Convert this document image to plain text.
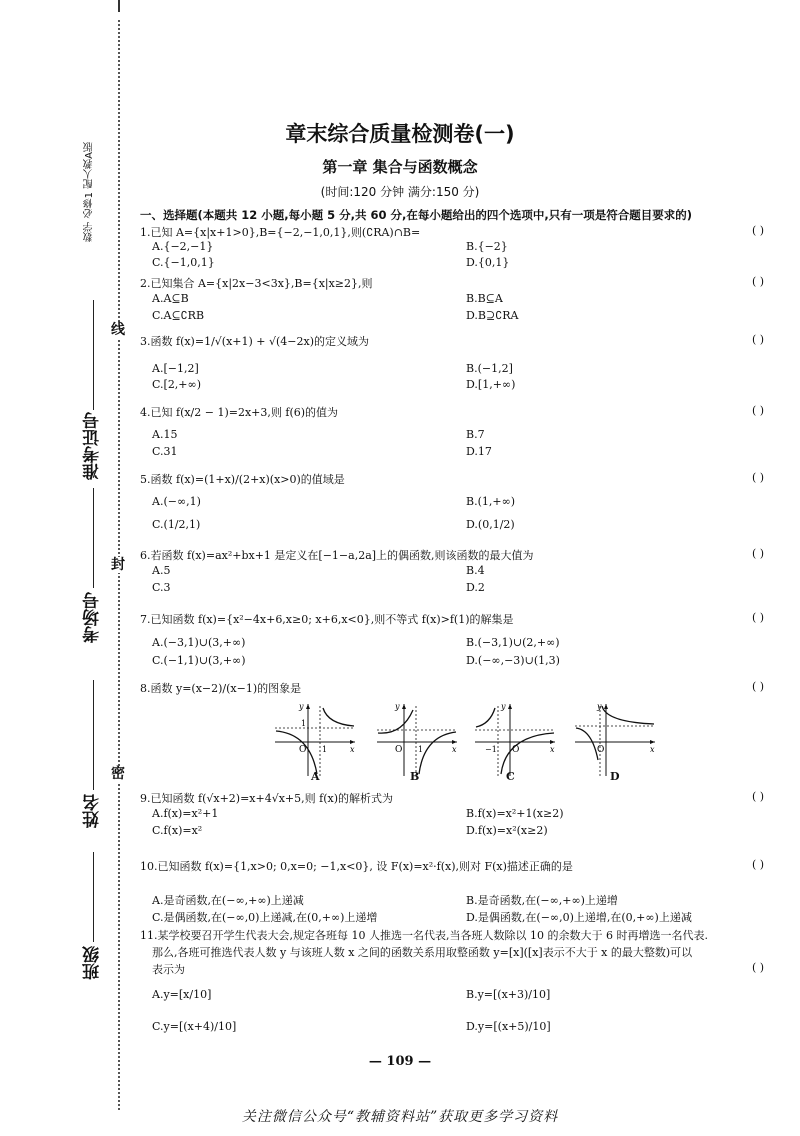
数学 必修1 配人教A版
准考证号
考场号
姓名
班级
线
封
密
章末综合质量检测卷(一)
第一章 集合与函数概念
(时间:120 分钟 满分:150 分)
一、选择题(本题共 12 小题,每小题 5 分,共 60 分,在每小题给出的四个选项中,只有一项是符合题目要求的)
1.已知 A={x|x+1>0},B={−2,−1,0,1},则(∁RA)∩B=	( )
A.{−2,−1}	B.{−2}
C.{−1,0,1}	D.{0,1}
2.已知集合 A={x|2x−3<3x},B={x|x≥2},则	( )
A.A⊆B	B.B⊆A
C.A⊆∁RB	D.B⊇∁RA
3.函数 f(x)=1/√(x+1) + √(4−2x)的定义域为	( )
A.[−1,2]	B.(−1,2]
C.[2,+∞)	D.[1,+∞)
4.已知 f(x/2 − 1)=2x+3,则 f(6)的值为	( )
A.15	B.7
C.31	D.17
5.函数 f(x)=(1+x)/(2+x)(x>0)的值域是	( )
A.(−∞,1)	B.(1,+∞)
C.(1/2,1)	D.(0,1/2)
6.若函数 f(x)=ax²+bx+1 是定义在[−1−a,2a]上的偶函数,则该函数的最大值为	( )
A.5	B.4
C.3	D.2
7.已知函数 f(x)={x²−4x+6,x≥0; x+6,x<0},则不等式 f(x)>f(1)的解集是	( )
A.(−3,1)∪(3,+∞)	B.(−3,1)∪(2,+∞)
C.(−1,1)∪(3,+∞)	D.(−∞,−3)∪(1,3)
8.函数 y=(x−2)/(x−1)的图象是	( )
O 1
1
x
y
A
O 1	x
y
B
O
−1	x
y
C
O	x
y
D
9.已知函数 f(√x+2)=x+4√x+5,则 f(x)的解析式为	( )
A.f(x)=x²+1	B.f(x)=x²+1(x≥2)
C.f(x)=x²	D.f(x)=x²(x≥2)
10.已知函数 f(x)={1,x>0; 0,x=0; −1,x<0}, 设 F(x)=x²·f(x),则对 F(x)描述正确的是	( )
A.是奇函数,在(−∞,+∞)上递减	B.是奇函数,在(−∞,+∞)上递增
C.是偶函数,在(−∞,0)上递减,在(0,+∞)上递增	D.是偶函数,在(−∞,0)上递增,在(0,+∞)上递减
11.某学校要召开学生代表大会,规定各班每 10 人推选一名代表,当各班人数除以 10 的余数大于 6 时再增选一名代表.
那么,各班可推选代表人数 y 与该班人数 x 之间的函数关系用取整函数 y=[x]([x]表示不大于 x 的最大整数)可以
表示为	( )
A.y=[x/10]	B.y=[(x+3)/10]
C.y=[(x+4)/10]	D.y=[(x+5)/10]
— 109 —
关注微信公众号“教辅资料站”获取更多学习资料
